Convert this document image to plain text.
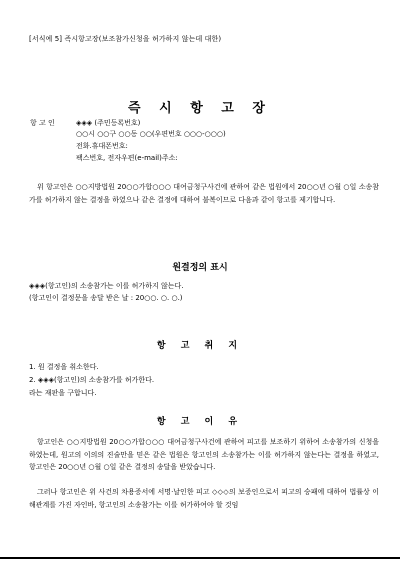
[서식예 5] 즉시항고장(보조참가신청을 허가하지 않는데 대한)
즉 시 항 고 장
항 고 인	◈◈◈ (주민등록번호)
○○시 ○○구 ○○동 ○○(우편번호 ○○○-○○○)
전화.휴대폰번호:
팩스번호, 전자우편(e-mail)주소:
위 항고인은 ○○지방법원 20○○가합○○○ 대여금청구사건에 관하여 같은 법원에서 20○○년 ○월 ○일 소송참가를 허가하지 않는 결정을 하였으나 같은 결정에 대하여 불복이므로 다음과 같이 항고를 제기합니다.
원결정의 표시
◈◈◈(항고인)의 소송참가는 이를 허가하지 않는다.
(항고인이 결정문을 송달 받은 날 : 20○○. ○. ○.)
항 고 취 지
1. 원 결정을 취소한다.
2. ◈◈◈(항고인)의 소송참가를 허가한다.
라는 재판을 구합니다.
항 고 이 유
항고인은 ○○지방법원 20○○가합○○○ 대여금청구사건에 관하여 피고를 보조하기 위하여 소송참가의 신청을 하였는데, 원고의 이의의 진술만을 믿은 같은 법원은 항고인의 소송참가는 이를 허가하지 않는다는 결정을 하였고, 항고인은 20○○년 ○월 ○일 같은 결정의 송달을 받았습니다.
그러나 항고인은 위 사건의 차용증서에 서명·날인한 피고 ◇◇◇의 보증인으로서 피고의 승패에 대하여 법률상 이해관계를 가진 자인바, 항고인의 소송참가는 이를 허가하여야 할 것임
